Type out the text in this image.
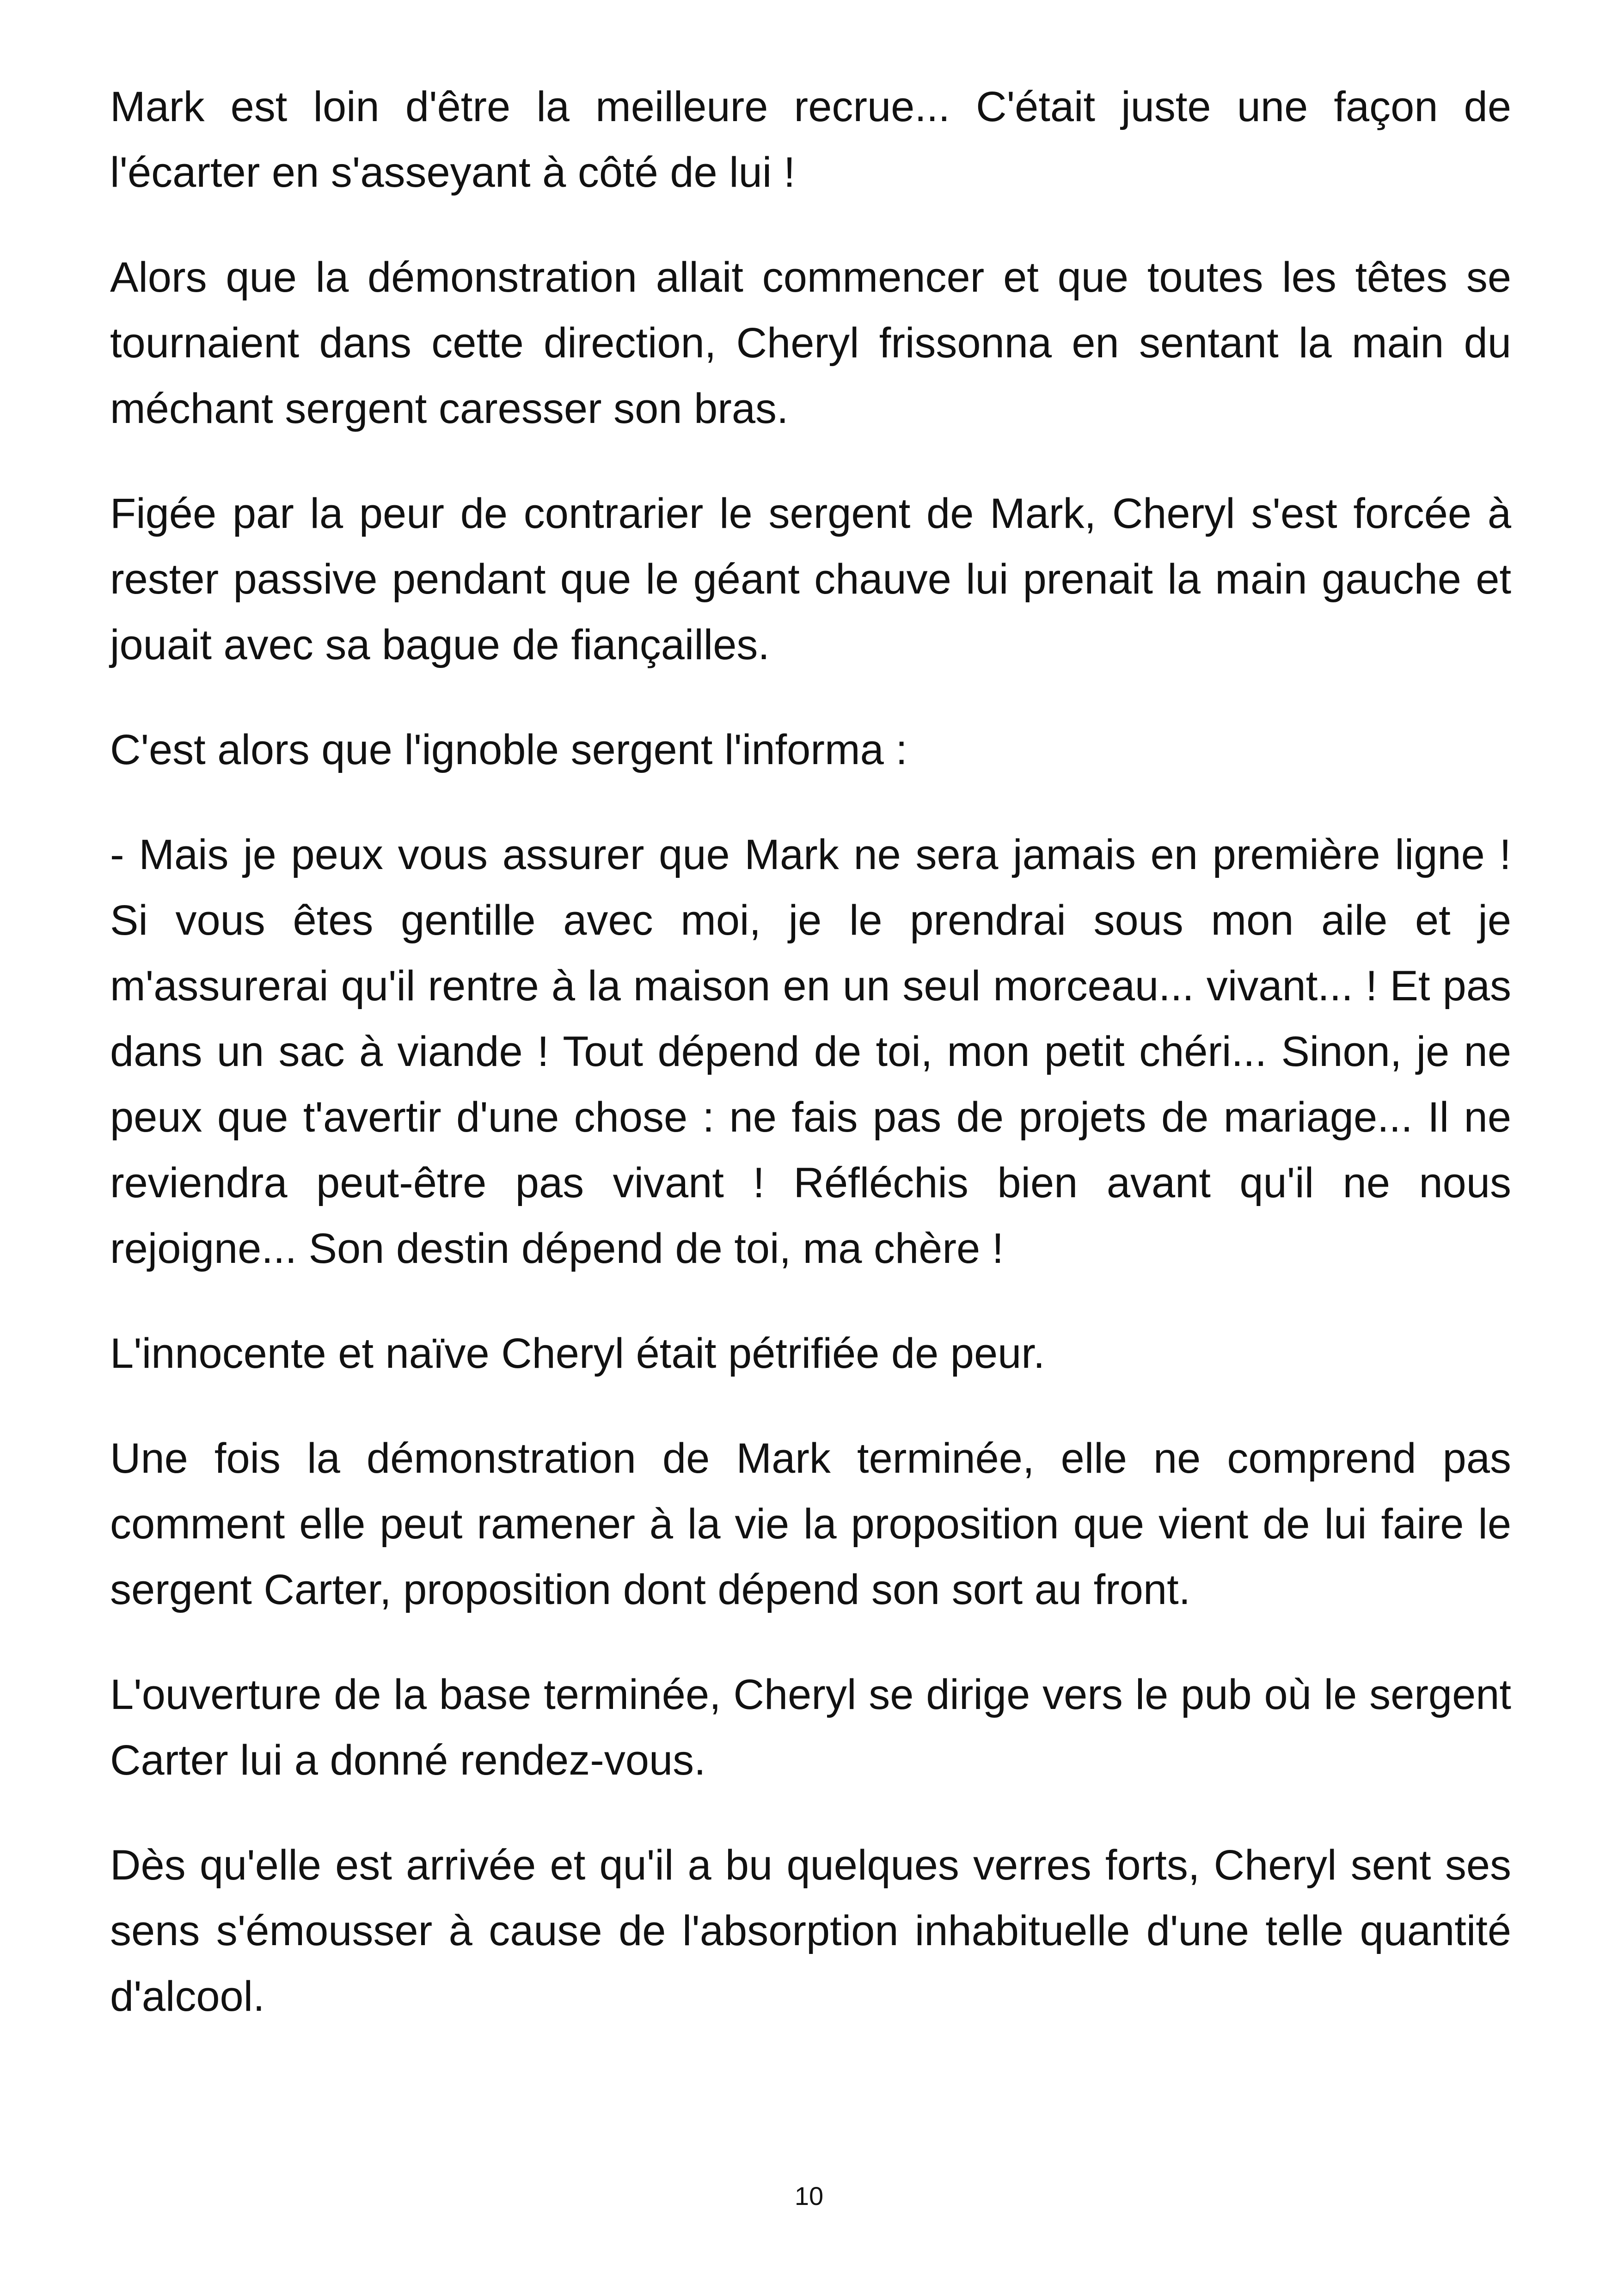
Mark est loin d'être la meilleure recrue... C'était juste une façon de l'écarter en s'asseyant à côté de lui !

Alors que la démonstration allait commencer et que toutes les têtes se tournaient dans cette direction, Cheryl frissonna en sentant la main du méchant sergent caresser son bras.

Figée par la peur de contrarier le sergent de Mark, Cheryl s'est forcée à rester passive pendant que le géant chauve lui prenait la main gauche et jouait avec sa bague de fiançailles.

C'est alors que l'ignoble sergent l'informa :

- Mais je peux vous assurer que Mark ne sera jamais en première ligne ! Si vous êtes gentille avec moi, je le prendrai sous mon aile et je m'assurerai qu'il rentre à la maison en un seul morceau... vivant... ! Et pas dans un sac à viande ! Tout dépend de toi, mon petit chéri... Sinon, je ne peux que t'avertir d'une chose : ne fais pas de projets de mariage... Il ne reviendra peut-être pas vivant ! Réfléchis bien avant qu'il ne nous rejoigne... Son destin dépend de toi, ma chère !

L'innocente et naïve Cheryl était pétrifiée de peur.

Une fois la démonstration de Mark terminée, elle ne comprend pas comment elle peut ramener à la vie la proposition que vient de lui faire le sergent Carter, proposition dont dépend son sort au front.

L'ouverture de la base terminée, Cheryl se dirige vers le pub où le sergent Carter lui a donné rendez-vous.

Dès qu'elle est arrivée et qu'il a bu quelques verres forts, Cheryl sent ses sens s'émousser à cause de l'absorption inhabituelle d'une telle quantité d'alcool.

10
